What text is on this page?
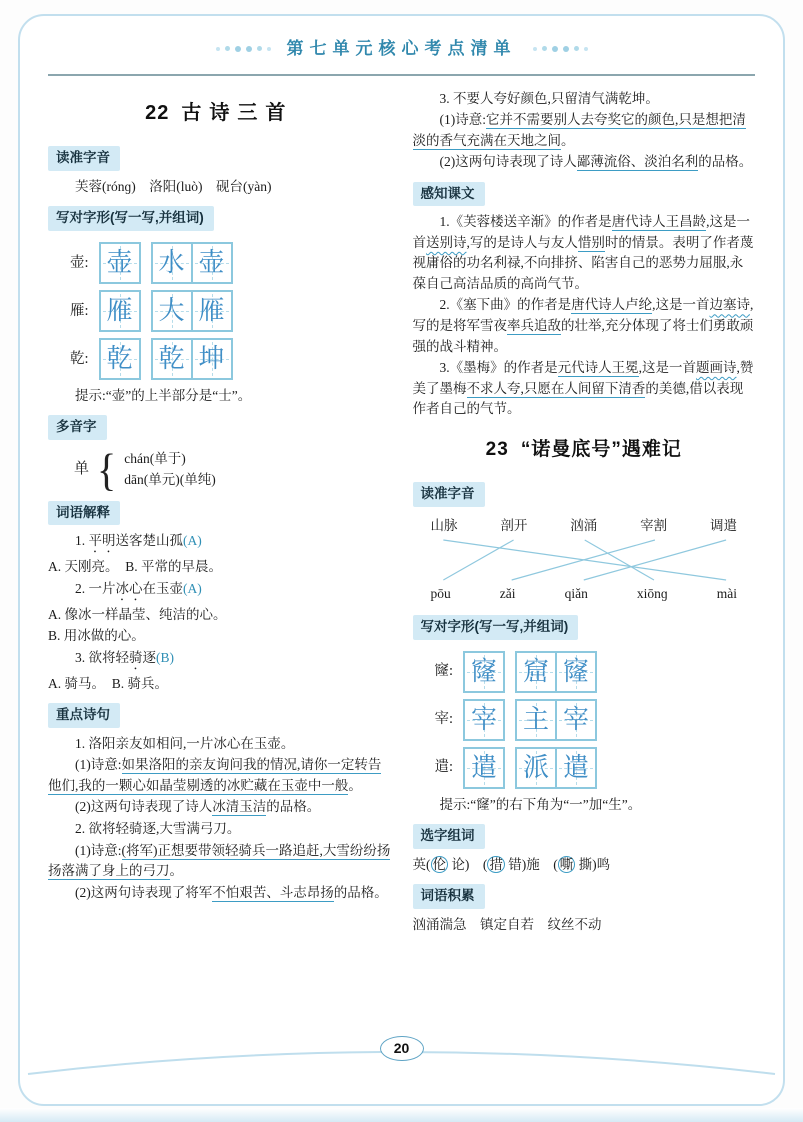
第七单元核心考点清单
22 古诗三首
读准字音

芙蓉(rónɡ)　洛阳(luò)　砚台(yàn)

写对字形(写一写,并组词)
壶: 壶 水 壶
雁: 雁 大 雁
乾: 乾 乾 坤

提示:“壶”的上半部分是“士”。

多音字
单 { chán(单于)
dān(单元)(单纯)
词语解释

1. 平明送客楚山孤(A)

A. 天刚亮。　B. 平常的早晨。

2. 一片冰心在玉壶(A)

A. 像冰一样晶莹、纯洁的心。

B. 用冰做的心。

3. 欲将轻骑逐(B)

A. 骑马。　B. 骑兵。

重点诗句

1. 洛阳亲友如相问,一片冰心在玉壶。

(1)诗意:如果洛阳的亲友询问我的情况,请你一定转告他们,我的一颗心如晶莹剔透的冰贮藏在玉壶中一般。

(2)这两句诗表现了诗人冰清玉洁的品格。

2. 欲将轻骑逐,大雪满弓刀。

(1)诗意:(将军)正想要带领轻骑兵一路追赶,大雪纷纷扬扬落满了身上的弓刀。

(2)这两句诗表现了将军不怕艰苦、斗志昂扬的品格。

3. 不要人夸好颜色,只留清气满乾坤。

(1)诗意:它并不需要别人去夸奖它的颜色,只是想把清淡的香气充满在天地之间。

(2)这两句诗表现了诗人鄙薄流俗、淡泊名利的品格。

感知课文

1.《芙蓉楼送辛渐》的作者是唐代诗人王昌龄,这是一首送别诗,写的是诗人与友人惜别时的情景。表明了作者蔑视庸俗的功名利禄,不向排挤、陷害自己的恶势力屈服,永葆自己高洁品质的高尚气节。

2.《塞下曲》的作者是唐代诗人卢纶,这是一首边塞诗,写的是将军雪夜率兵追敌的壮举,充分体现了将士们勇敢顽强的战斗精神。

3.《墨梅》的作者是元代诗人王冕,这是一首题画诗,赞美了墨梅不求人夸,只愿在人间留下清香的美德,借以表现作者自己的气节。

23 “诺曼底号”遇难记
读准字音
山脉	剖开	汹涌	宰割	调遣
pōu	zǎi	qiǎn	xiōnɡ	mài
写对字形(写一写,并组词)
窿: 窿 窟 窿
宰: 宰 主 宰
遣: 遣 派 遣

提示:“窿”的右下角为“一”加“生”。

选字组词

英( 伦 论)　( 措 错)施　( 嘶 撕)鸣

词语积累

汹涌湍急　镇定自若　纹丝不动

20
